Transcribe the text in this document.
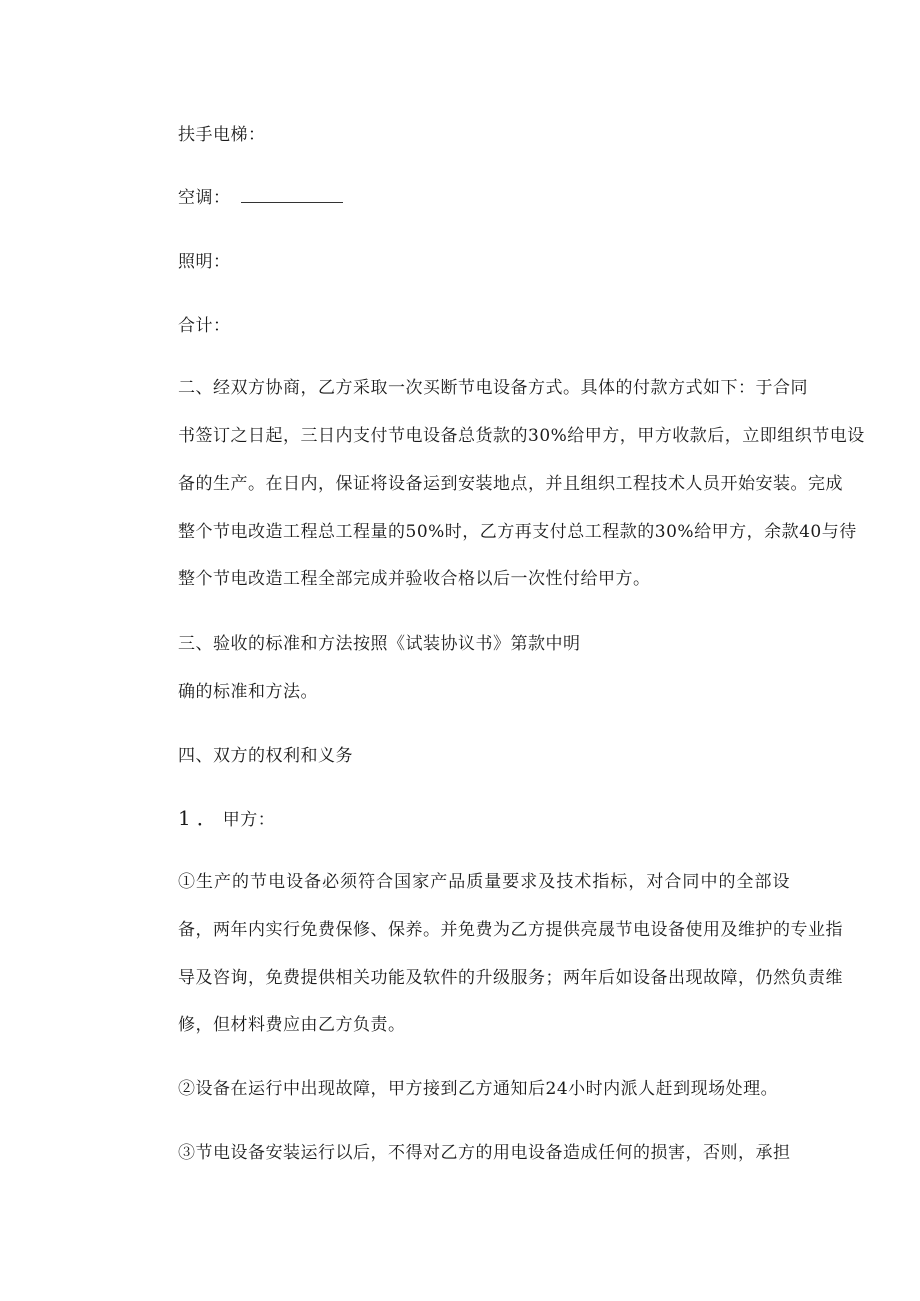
扶手电梯：
空调：
照明：
合计：
二、经双方协商，乙方采取一次买断节电设备方式。具体的付款方式如下：于合同
书签订之日起，三日内支付节电设备总货款的30%给甲方，甲方收款后，立即组织节电设
备的生产。在日内，保证将设备运到安装地点，并且组织工程技术人员开始安装。完成
整个节电改造工程总工程量的50%时，乙方再支付总工程款的30%给甲方，余款40与待
整个节电改造工程全部完成并验收合格以后一次性付给甲方。
三、验收的标准和方法按照《试装协议书》第款中明
确的标准和方法。
四、双方的权利和义务
1．甲方：
①生产的节电设备必须符合国家产品质量要求及技术指标，对合同中的全部设
备，两年内实行免费保修、保养。并免费为乙方提供亮晟节电设备使用及维护的专业指
导及咨询，免费提供相关功能及软件的升级服务；两年后如设备出现故障，仍然负责维
修，但材料费应由乙方负责。
②设备在运行中出现故障，甲方接到乙方通知后24小时内派人赶到现场处理。
③节电设备安装运行以后，不得对乙方的用电设备造成任何的损害，否则，承担
